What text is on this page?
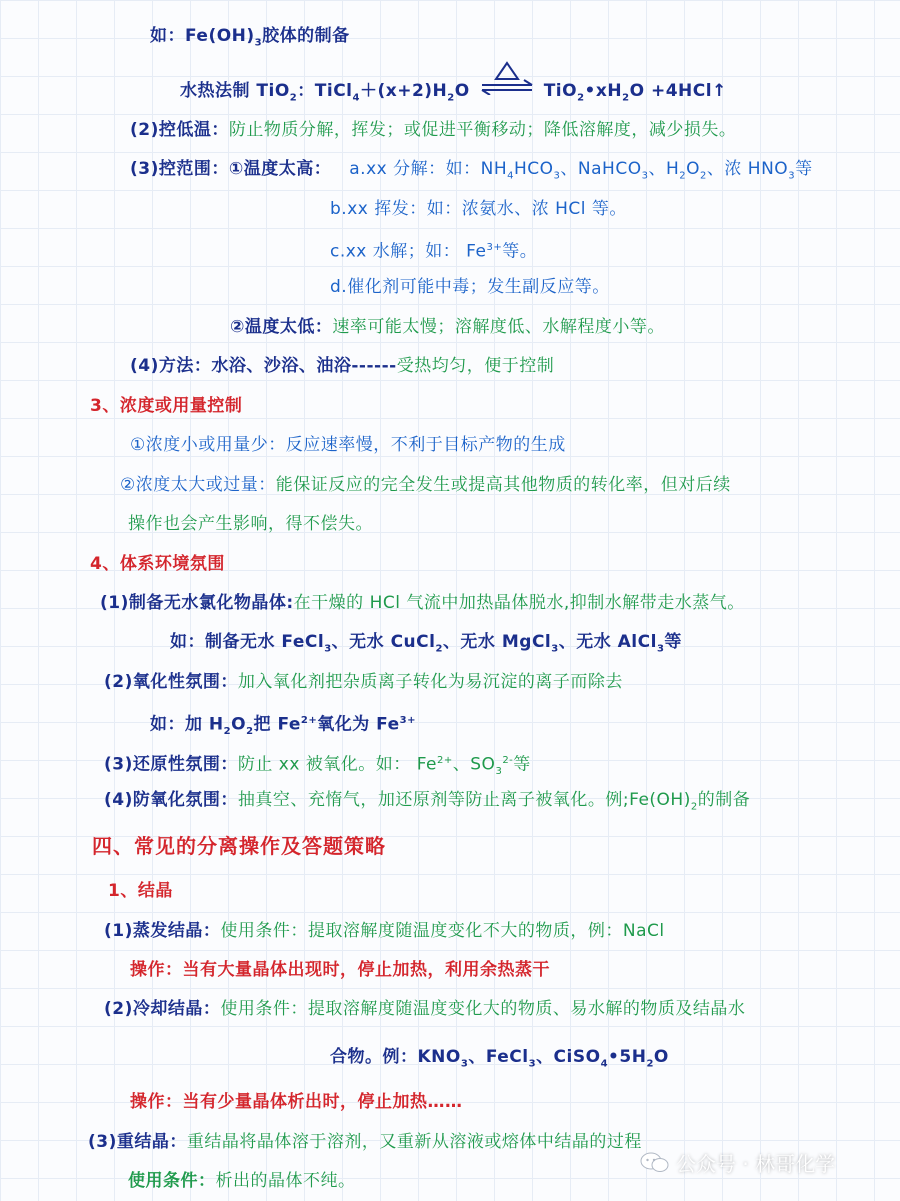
如：$Fe(OH)_3$胶体的制备
水热法制 TiO$_2$：$TiCl_4+(x+2)H_2O$	$TiO_2•xH_2O$ +4HCl↑
(2)控低温：防止物质分解，挥发；或促进平衡移动；降低溶解度，减少损失。
(3)控范围：①温度太高： a.xx 分解：如：$NH_4HCO_3$、NaHCO$_3$、$H_2O_2$、浓 $HNO_3$等
b.xx 挥发：如：浓氨水、浓 HCl 等。
c.xx 水解；如： $Fe^{3+}$等。
d.催化剂可能中毒；发生副反应等。
②温度太低：速率可能太慢；溶解度低、水解程度小等。
(4)方法：水浴、沙浴、油浴------受热均匀，便于控制
3、浓度或用量控制
①浓度小或用量少：反应速率慢，不利于目标产物的生成
②浓度太大或过量：能保证反应的完全发生或提高其他物质的转化率，但对后续
操作也会产生影响，得不偿失。
4、体系环境氛围
(1)制备无水氯化物晶体:在干燥的 HCl 气流中加热晶体脱水,抑制水解带走水蒸气。
如：制备无水 FeCl$_3$、无水 CuCl$_2$、无水 MgCl$_3$、无水 AlCl$_3$等
(2)氧化性氛围：加入氧化剂把杂质离子转化为易沉淀的离子而除去
如：加 $H_2O_2$把 $Fe^{2+}$氧化为 $Fe^{3+}$
(3)还原性氛围：防止 xx 被氧化。如： $Fe^{2+}$、$SO_3^{2-}$等
(4)防氧化氛围：抽真空、充惰气，加还原剂等防止离子被氧化。例$;Fe(OH)_2$的制备
四、常见的分离操作及答题策略
1、结晶
(1)蒸发结晶：使用条件：提取溶解度随温度变化不大的物质，例：NaCl
操作：当有大量晶体出现时，停止加热，利用余热蒸干
(2)冷却结晶：使用条件：提取溶解度随温度变化大的物质、易水解的物质及结晶水
合物。例：$KNO_3$、FeCl$_3$、$CiSO_4•5H_2O$
操作：当有少量晶体析出时，停止加热……
(3)重结晶：重结晶将晶体溶于溶剂，又重新从溶液或熔体中结晶的过程
使用条件：析出的晶体不纯。
公众号 · 林哥化学
